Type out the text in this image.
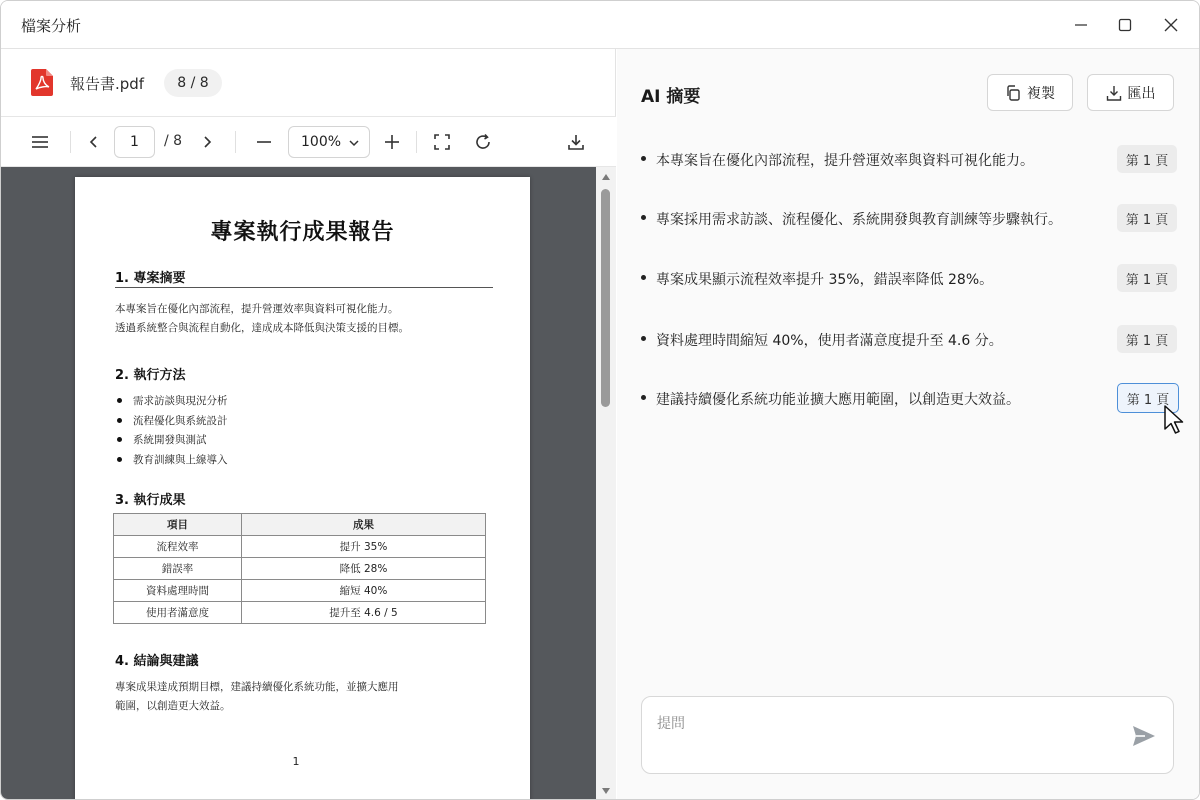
檔案分析
報告書.pdf	8 / 8
1	/ 8	100%
專案執行成果報告
1. 專案摘要
本專案旨在優化內部流程，提升營運效率與資料可視化能力。
透過系統整合與流程自動化，達成成本降低與決策支援的目標。
2. 執行方法
需求訪談與現況分析
流程優化與系統設計
系統開發與測試
教育訓練與上線導入
3. 執行成果
項目	成果
流程效率	提升 35%
錯誤率	降低 28%
資料處理時間	縮短 40%
使用者滿意度	提升至 4.6 / 5
4. 結論與建議
專案成果達成預期目標，建議持續優化系統功能，並擴大應用
範圍，以創造更大效益。
1
AI 摘要	複製	匯出
本專案旨在優化內部流程，提升營運效率與資料可視化能力。	第 1 頁
專案採用需求訪談、流程優化、系統開發與教育訓練等步驟執行。	第 1 頁
專案成果顯示流程效率提升 35%，錯誤率降低 28%。	第 1 頁
資料處理時間縮短 40%，使用者滿意度提升至 4.6 分。	第 1 頁
建議持續優化系統功能並擴大應用範圍，以創造更大效益。	第 1 頁
提問
